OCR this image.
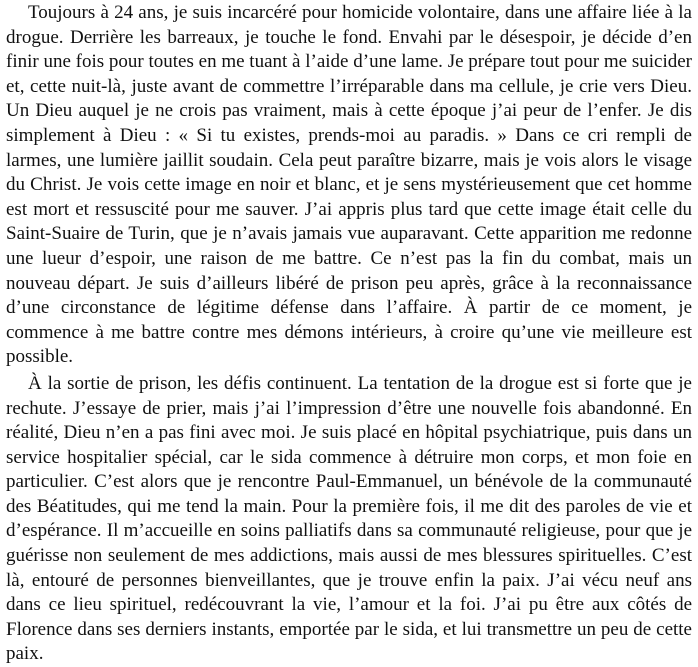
Toujours à 24 ans, je suis incarcéré pour homicide volontaire, dans une affaire liée à la drogue. Derrière les barreaux, je touche le fond. Envahi par le désespoir, je décide d’en finir une fois pour toutes en me tuant à l’aide d’une lame. Je prépare tout pour me suicider et, cette nuit-là, juste avant de commettre l’irréparable dans ma cellule, je crie vers Dieu. Un Dieu auquel je ne crois pas vraiment, mais à cette époque j’ai peur de l’enfer. Je dis simplement à Dieu : « Si tu existes, prends-moi au paradis. » Dans ce cri rempli de larmes, une lumière jaillit soudain. Cela peut paraître bizarre, mais je vois alors le visage du Christ. Je vois cette image en noir et blanc, et je sens mystérieusement que cet homme est mort et ressuscité pour me sauver. J’ai appris plus tard que cette image était celle du Saint-Suaire de Turin, que je n’avais jamais vue auparavant. Cette apparition me redonne une lueur d’espoir, une raison de me battre. Ce n’est pas la fin du combat, mais un nouveau départ. Je suis d’ailleurs libéré de prison peu après, grâce à la reconnaissance d’une circonstance de légitime défense dans l’affaire. À partir de ce moment, je commence à me battre contre mes démons intérieurs, à croire qu’une vie meilleure est possible.

À la sortie de prison, les défis continuent. La tentation de la drogue est si forte que je rechute. J’essaye de prier, mais j’ai l’impression d’être une nouvelle fois abandonné. En réalité, Dieu n’en a pas fini avec moi. Je suis placé en hôpital psychiatrique, puis dans un service hospitalier spécial, car le sida commence à détruire mon corps, et mon foie en particulier. C’est alors que je rencontre Paul-Emmanuel, un bénévole de la communauté des Béatitudes, qui me tend la main. Pour la première fois, il me dit des paroles de vie et d’espérance. Il m’accueille en soins palliatifs dans sa communauté religieuse, pour que je guérisse non seulement de mes addictions, mais aussi de mes blessures spirituelles. C’est là, entouré de personnes bienveillantes, que je trouve enfin la paix. J’ai vécu neuf ans dans ce lieu spirituel, redécouvrant la vie, l’amour et la foi. J’ai pu être aux côtés de Florence dans ses derniers instants, emportée par le sida, et lui transmettre un peu de cette paix.
